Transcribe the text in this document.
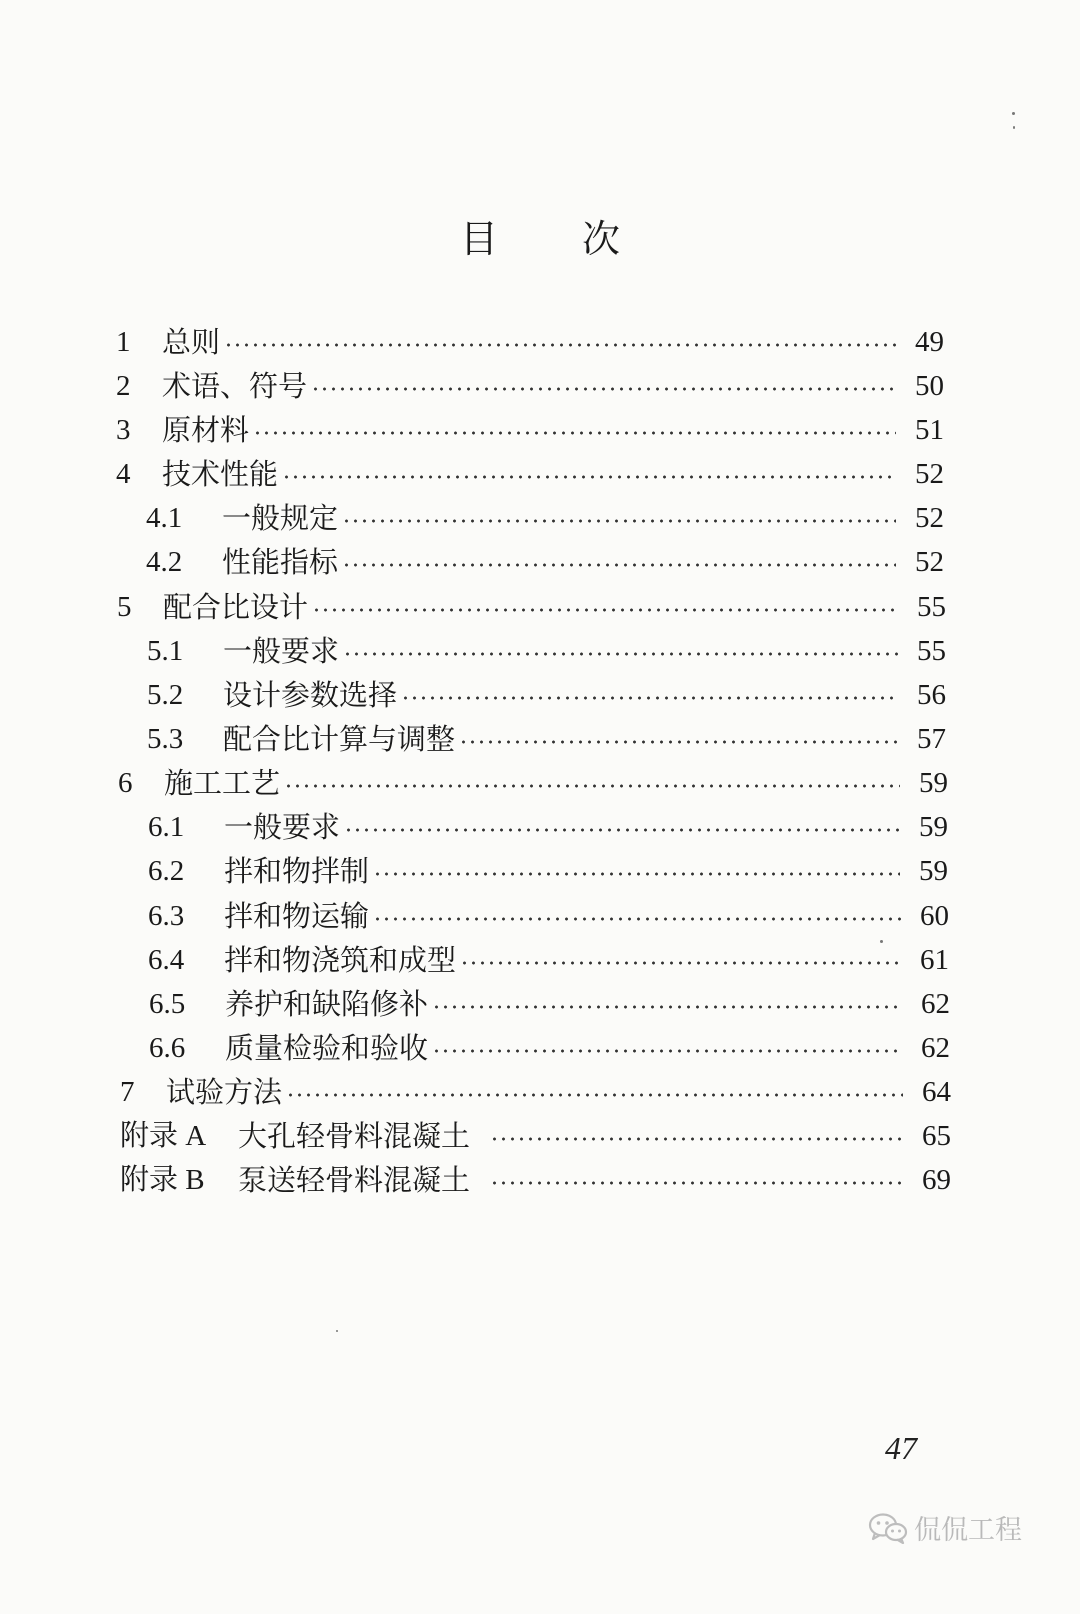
目 次
1	总则	49
2	术语、符号	50
3	原材料	51
4	技术性能	52
4.1	一般规定	52
4.2	性能指标	52
5	配合比设计	55
5.1	一般要求	55
5.2	设计参数选择	56
5.3	配合比计算与调整	57
6	施工工艺	59
6.1	一般要求	59
6.2	拌和物拌制	59
6.3	拌和物运输	60
6.4	拌和物浇筑和成型	61
6.5	养护和缺陷修补	62
6.6	质量检验和验收	62
7	试验方法	64
附录 A	大孔轻骨料混凝土	65
附录 B	泵送轻骨料混凝土	69
47
侃侃工程
